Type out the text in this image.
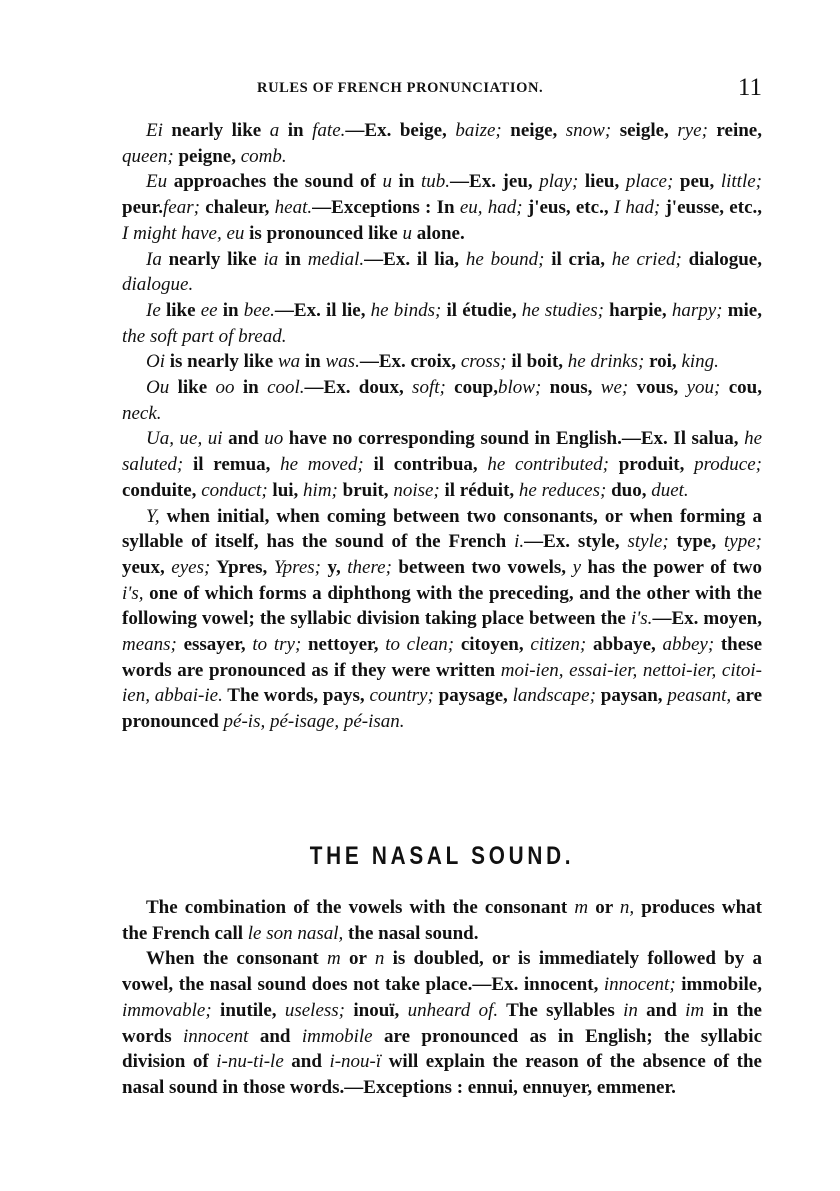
RULES OF FRENCH PRONUNCIATION.	11

Ei nearly like a in fate.—Ex. beige, baize; neige, snow; seigle, rye; reine, queen; peigne, comb.

Eu approaches the sound of u in tub.—Ex. jeu, play; lieu, place; peu, little; peur.fear; chaleur, heat.—Exceptions : In eu, had; j'eus, etc., I had; j'eusse, etc., I might have, eu is pronounced like u alone.

Ia nearly like ia in medial.—Ex. il lia, he bound; il cria, he cried; dialogue, dialogue.

Ie like ee in bee.—Ex. il lie, he binds; il étudie, he studies; harpie, harpy; mie, the soft part of bread.

Oi is nearly like wa in was.—Ex. croix, cross; il boit, he drinks; roi, king.

Ou like oo in cool.—Ex. doux, soft; coup,blow; nous, we; vous, you; cou, neck.

Ua, ue, ui and uo have no corresponding sound in English.—Ex. Il salua, he saluted; il remua, he moved; il contribua, he contributed; produit, produce; conduite, conduct; lui, him; bruit, noise; il réduit, he reduces; duo, duet.

Y, when initial, when coming between two consonants, or when forming a syllable of itself, has the sound of the French i.—Ex. style, style; type, type; yeux, eyes; Ypres, Ypres; y, there; between two vowels, y has the power of two i's, one of which forms a diphthong with the preceding, and the other with the following vowel; the syllabic division taking place between the i's.—Ex. moyen, means; essayer, to try; nettoyer, to clean; citoyen, citizen; abbaye, abbey; these words are pronounced as if they were written moi-ien, essai-ier, nettoi-ier, citoi-ien, abbai-ie. The words, pays, country; paysage, landscape; paysan, peasant, are pronounced pé-is, pé-isage, pé-isan.

THE NASAL SOUND.

The combination of the vowels with the consonant m or n, produces what the French call le son nasal, the nasal sound.

When the consonant m or n is doubled, or is immediately followed by a vowel, the nasal sound does not take place.—Ex. innocent, innocent; immobile, immovable; inutile, useless; inouï, unheard of. The syllables in and im in the words innocent and immobile are pronounced as in English; the syllabic division of i-nu-ti-le and i-nou-ï will explain the reason of the absence of the nasal sound in those words.—Exceptions : ennui, ennuyer, emmener.
